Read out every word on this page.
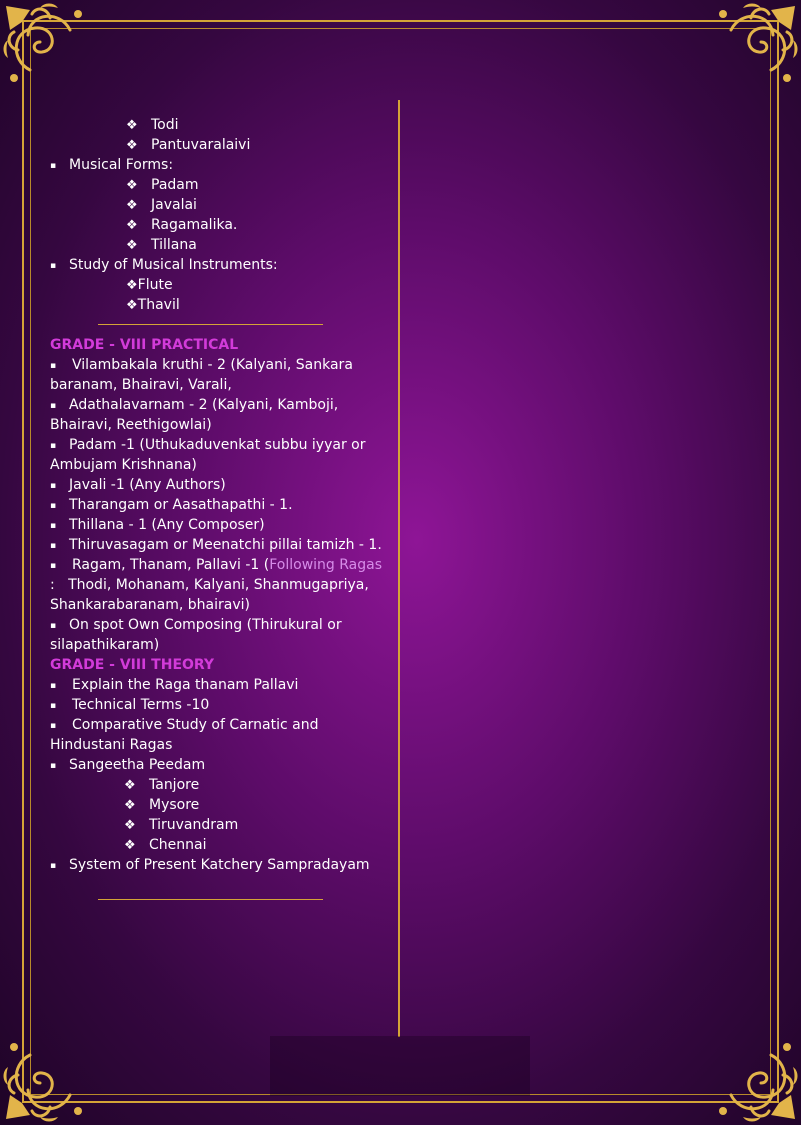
❖ Todi
❖ Pantuvaralaivi
▪ Musical Forms:
❖ Padam
❖ Javalai
❖ Ragamalika.
❖ Tillana
▪ Study of Musical Instruments:
❖Flute
❖Thavil
GRADE - VIII PRACTICAL
▪ Vilambakala kruthi - 2 (Kalyani, Sankara
baranam, Bhairavi, Varali,
▪ Adathalavarnam - 2 (Kalyani, Kamboji,
Bhairavi, Reethigowlai)
▪ Padam -1 (Uthukaduvenkat subbu iyyar or
Ambujam Krishnana)
▪ Javali -1 (Any Authors)
▪ Tharangam or Aasathapathi - 1.
▪ Thillana - 1 (Any Composer)
▪ Thiruvasagam or Meenatchi pillai tamizh - 1.
▪ Ragam, Thanam, Pallavi -1 (Following Ragas
:   Thodi, Mohanam, Kalyani, Shanmugapriya,
Shankarabaranam, bhairavi)
▪ On spot Own Composing (Thirukural or
silapathikaram)
GRADE - VIII THEORY
▪ Explain the Raga thanam Pallavi
▪ Technical Terms -10
▪ Comparative Study of Carnatic and
Hindustani Ragas
▪ Sangeetha Peedam
❖ Tanjore
❖ Mysore
❖ Tiruvandram
❖ Chennai
▪ System of Present Katchery Sampradayam
